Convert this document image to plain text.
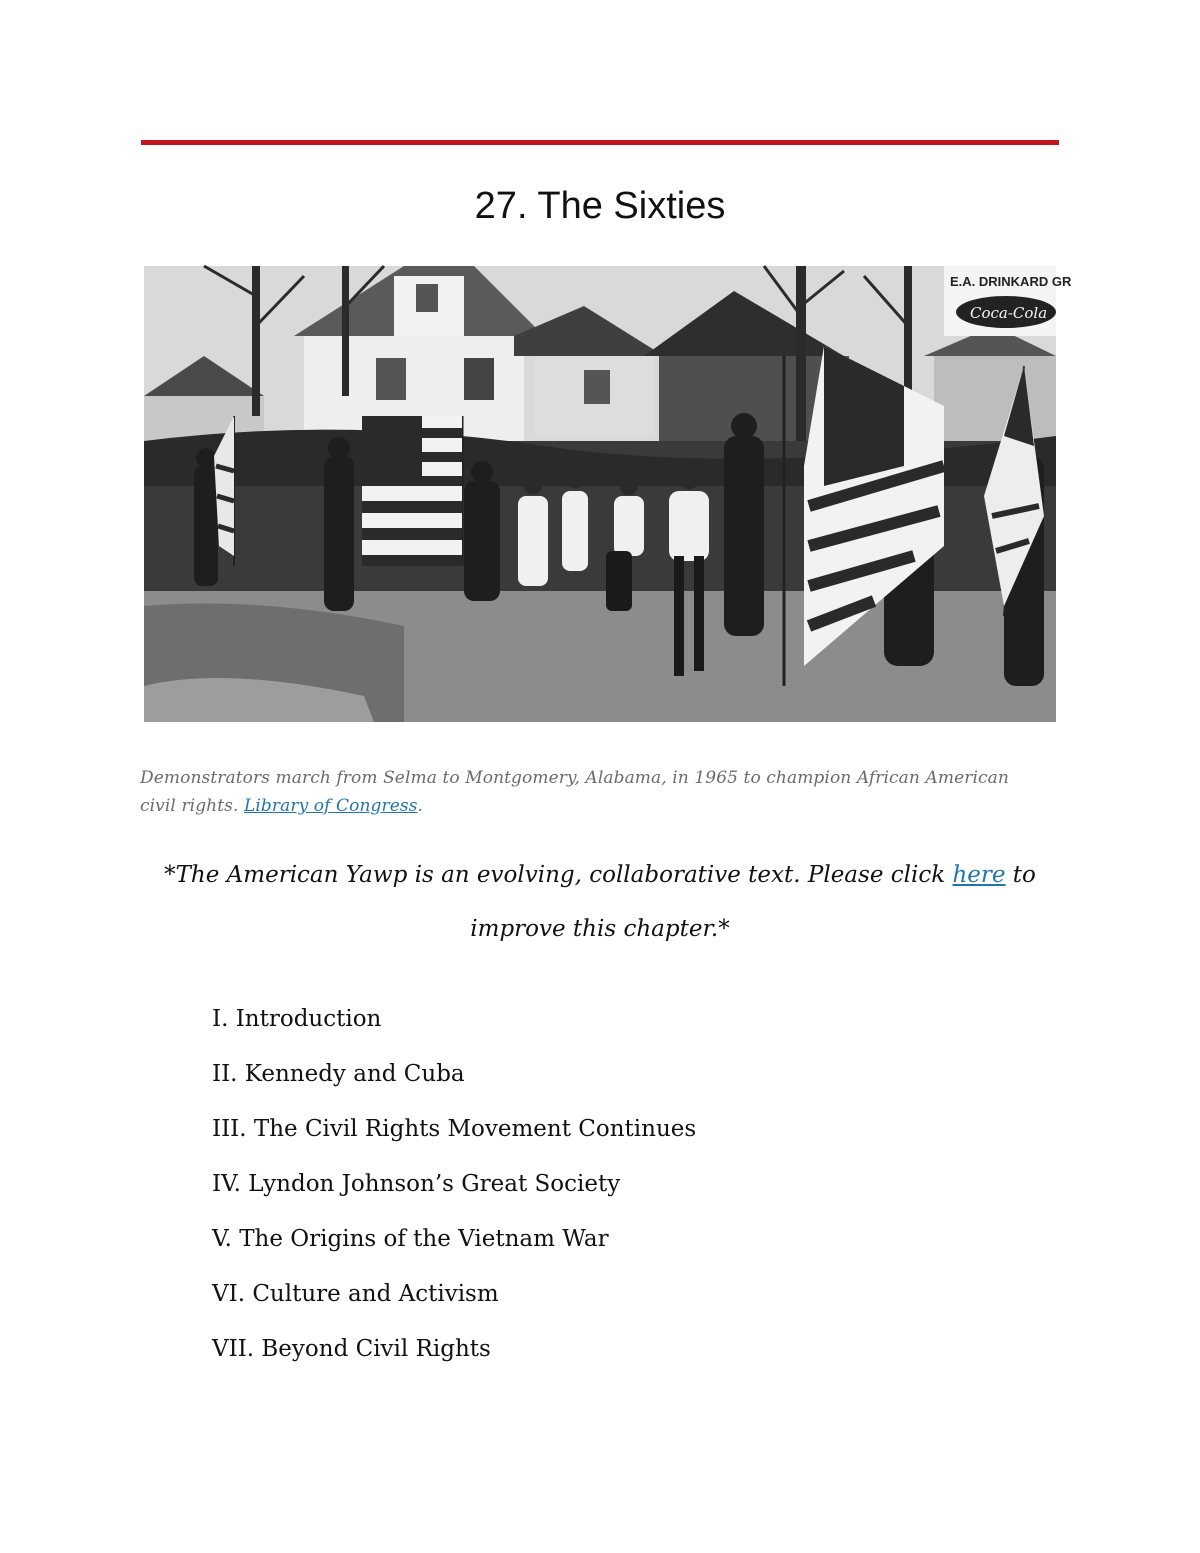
27. The Sixties
E.A. DRINKARD GR
Coca-Cola
Demonstrators march from Selma to Montgomery, Alabama, in 1965 to champion African American civil rights. Library of Congress.
*The American Yawp is an evolving, collaborative text. Please click here to improve this chapter.*
I. Introduction
II. Kennedy and Cuba
III. The Civil Rights Movement Continues
IV. Lyndon Johnson’s Great Society
V. The Origins of the Vietnam War
VI. Culture and Activism
VII. Beyond Civil Rights
